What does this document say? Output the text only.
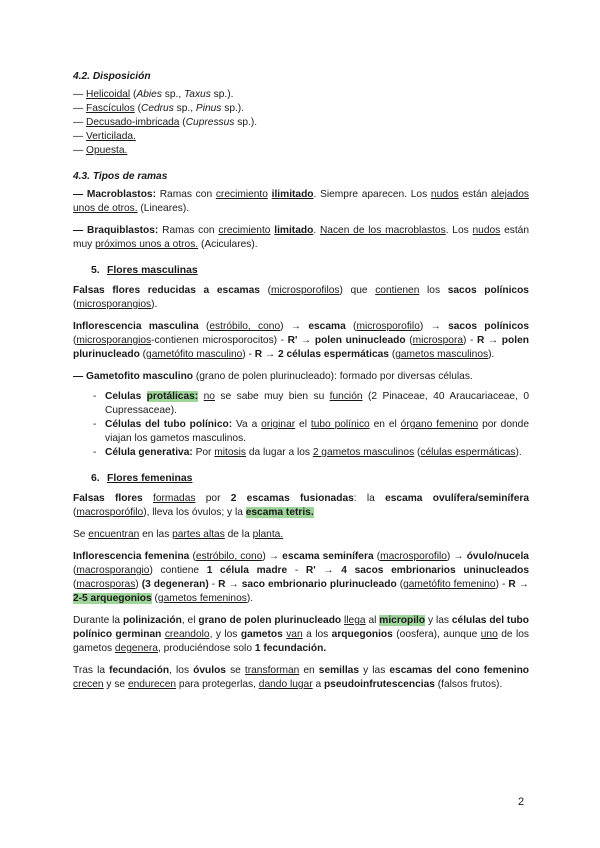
4.2. Disposición
— Helicoidal (Abies sp., Taxus sp.).
— Fascículos (Cedrus sp., Pinus sp.).
— Decusado-imbricada (Cupressus sp.).
— Verticilada.
— Opuesta.
4.3. Tipos de ramas

— Macroblastos: Ramas con crecimiento ilimitado. Siempre aparecen. Los nudos están alejados unos de otros. (Lineares).

— Braquiblastos: Ramas con crecimiento limitado. Nacen de los macroblastos. Los nudos están muy próximos unos a otros. (Aciculares).

5. Flores masculinas

Falsas flores reducidas a escamas (microsporofilos) que contienen los sacos polínicos (microsporangios).

Inflorescencia masculina (estróbilo, cono) → escama (microsporofilo) → sacos polínicos (microsporangios-contienen microsporocitos) - R' → polen uninucleado (microspora) - R → polen plurinucleado (gametófito masculino) - R → 2 células espermáticas (gametos masculinos).

— Gametofito masculino (grano de polen plurinucleado): formado por diversas células.

- Celulas protálicas: no se sabe muy bien su función (2 Pinaceae, 40 Araucariaceae, 0 Cupressaceae).
- Células del tubo polínico: Va a originar el tubo polínico en el órgano femenino por donde viajan los gametos masculinos.
- Célula generativa: Por mitosis da lugar a los 2 gametos masculinos (células espermáticas).
6. Flores femeninas

Falsas flores formadas por 2 escamas fusionadas: la escama ovulífera/seminífera (macrosporófilo), lleva los óvulos; y la escama tetris.

Se encuentran en las partes altas de la planta.

Inflorescencia femenina (estróbilo, cono) → escama seminífera (macrosporofilo) → óvulo/nucela (macrosporangio) contiene 1 célula madre - R' → 4 sacos embrionarios uninucleados (macrosporas) (3 degeneran) - R → saco embrionario plurinucleado (gametófito femenino) - R → 2-5 arquegonios (gametos femeninos).

Durante la polinización, el grano de polen plurinucleado llega al micropilo y las células del tubo polínico germinan creandolo, y los gametos van a los arquegonios (oosfera), aunque uno de los gametos degenera, produciéndose solo 1 fecundación.

Tras la fecundación, los óvulos se transforman en semillas y las escamas del cono femenino crecen y se endurecen para protegerlas, dando lugar a pseudoinfrutescencias (falsos frutos).

2
